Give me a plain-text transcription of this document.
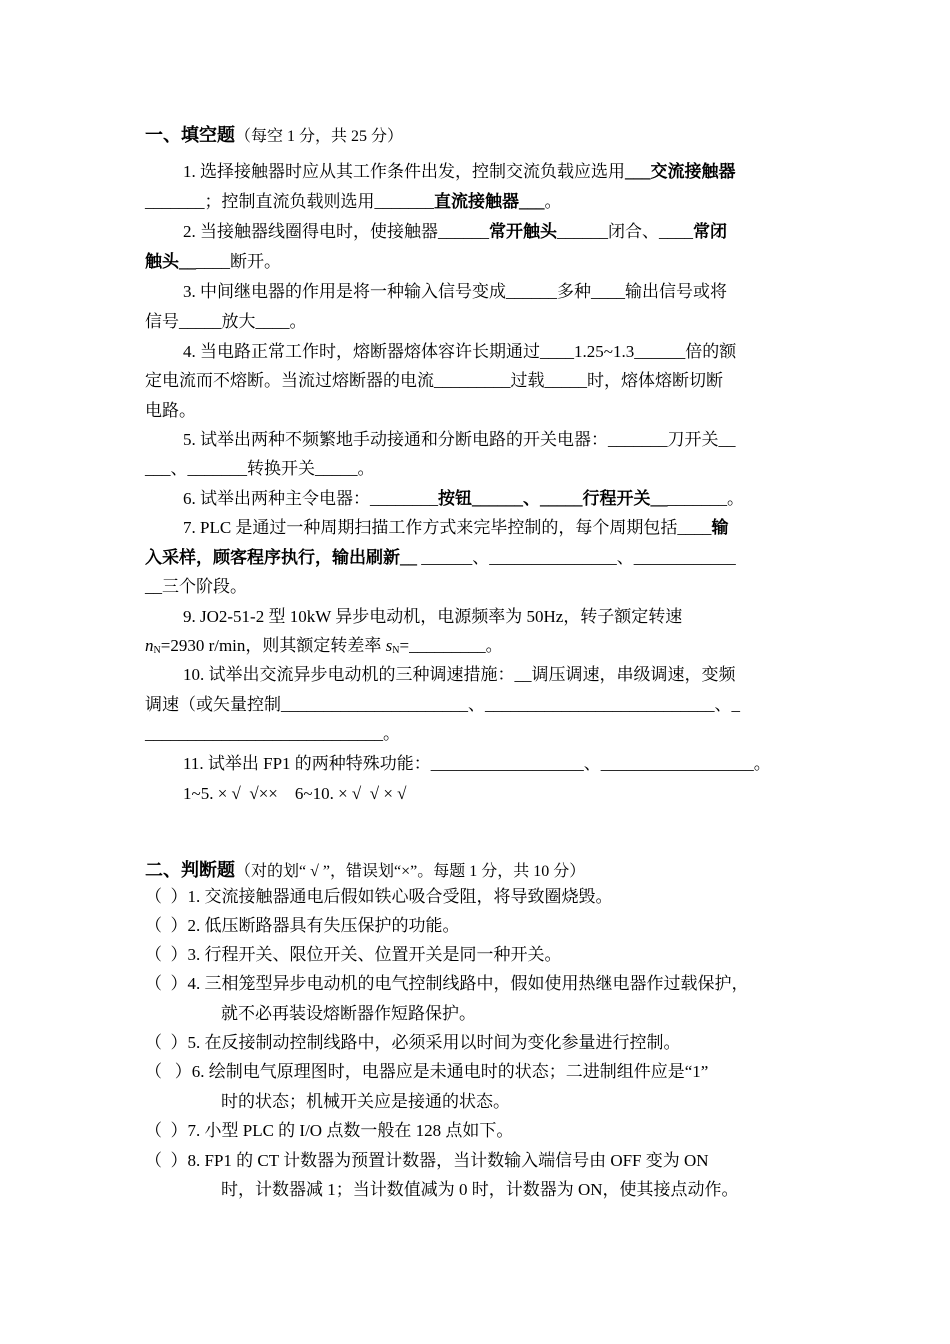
一、填空题（每空 1 分，共 25 分）
1. 选择接触器时应从其工作条件出发，控制交流负载应选用___交流接触器
_______；控制直流负载则选用_______直流接触器___。
2. 当接触器线圈得电时，使接触器______常开触头______闭合、____常闭
触头______断开。
3. 中间继电器的作用是将一种输入信号变成______多种____输出信号或将
信号_____放大____。
4. 当电路正常工作时，熔断器熔体容许长期通过____1.25~1.3______倍的额
定电流而不熔断。当流过熔断器的电流_________过载_____时，熔体熔断切断
电路。
5. 试举出两种不频繁地手动接通和分断电路的开关电器：_______刀开关__
___、_______转换开关_____。
6. 试举出两种主令电器：________按钮______、_____行程开关_________。
7. PLC 是通过一种周期扫描工作方式来完毕控制的，每个周期包括____输
入采样，顾客程序执行，输出刷新__ ______、_______________、____________
__三个阶段。
9. JO2-51-2 型 10kW 异步电动机，电源频率为 50Hz，转子额定转速
$n_N=2930$ r/min，则其额定转差率 $s_N=\_\_\_\_\_\_\_\_\_$。
10. 试举出交流异步电动机的三种调速措施：__调压调速，串级调速，变频
调速（或矢量控制______________________、___________________________、_
____________________________。
11. 试举出 FP1 的两种特殊功能：__________________、__________________。
1~5. × √  √××    6~10. × √  √ × √
二、判断题（对的划“ √ ”，错误划“×”。每题 1 分，共 10 分）
（  ）1. 交流接触器通电后假如铁心吸合受阻，将导致圈烧毁。
（  ）2. 低压断路器具有失压保护的功能。
（  ）3. 行程开关、限位开关、位置开关是同一种开关。
（  ）4. 三相笼型异步电动机的电气控制线路中，假如使用热继电器作过载保护，
就不必再装设熔断器作短路保护。
（  ）5. 在反接制动控制线路中，必须采用以时间为变化参量进行控制。
（   ）6. 绘制电气原理图时，电器应是未通电时的状态；二进制组件应是“1”
时的状态；机械开关应是接通的状态。
（  ）7. 小型 PLC 的 I/O 点数一般在 128 点如下。
（  ）8. FP1 的 CT 计数器为预置计数器，当计数输入端信号由 OFF 变为 ON
时，计数器减 1；当计数值减为 0 时，计数器为 ON，使其接点动作。
